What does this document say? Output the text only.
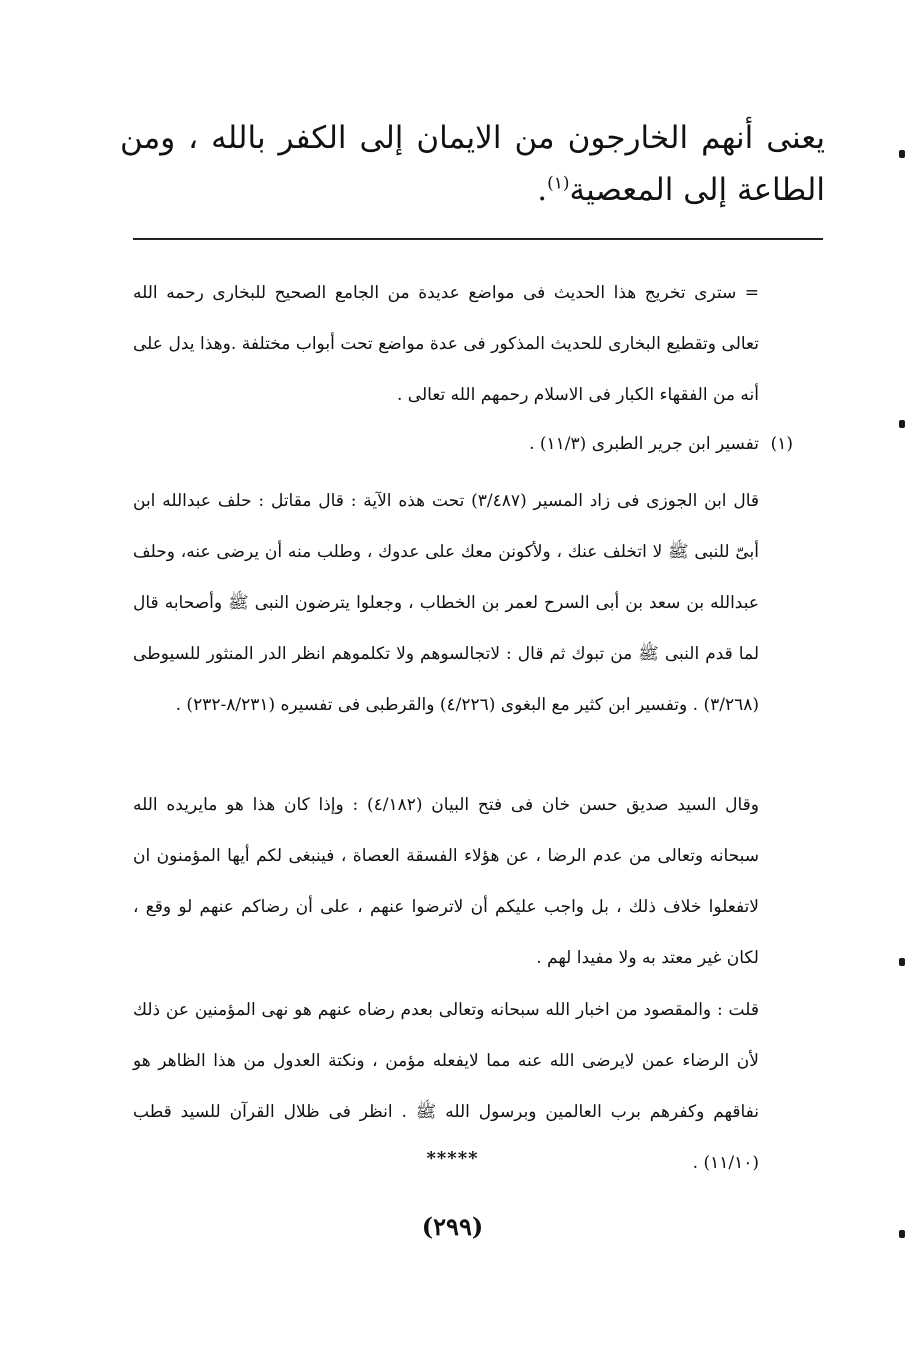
يعنى أنهم الخارجون من الايمان إلى الكفر بالله ، ومن الطاعة إلى المعصية$^{(١)}$.

= سترى تخريج هذا الحديث فى مواضع عديدة من الجامع الصحيح للبخارى رحمه الله تعالى وتقطيع البخارى للحديث المذكور فى عدة مواضع تحت أبواب مختلفة .وهذا يدل على أنه من الفقهاء الكبار فى الاسلام رحمهم الله تعالى .

(١)

تفسير ابن جرير الطبرى (١١/٣) .

قال ابن الجوزى فى زاد المسير (٣/٤٨٧) تحت هذه الآية : قال مقاتل : حلف عبدالله ابن أبىّ للنبى ﷺ لا اتخلف عنك ، ولأكونن معك على عدوك ، وطلب منه أن يرضى عنه، وحلف عبدالله بن سعد بن أبى السرح لعمر بن الخطاب ، وجعلوا يترضون النبى ﷺ وأصحابه قال لما قدم النبى ﷺ من تبوك ثم قال : لاتجالسوهم ولا تكلموهم انظر الدر المنثور للسيوطى (٣/٢٦٨) . وتفسير ابن كثير مع البغوى (٤/٢٢٦) والقرطبى فى تفسيره (٨/٢٣١-٢٣٢) .

وقال السيد صديق حسن خان فى فتح البيان (٤/١٨٢) : وإذا كان هذا هو مايريده الله سبحانه وتعالى من عدم الرضا ، عن هؤلاء الفسقة العصاة ، فينبغى لكم أيها المؤمنون ان لاتفعلوا خلاف ذلك ، بل واجب عليكم أن لاترضوا عنهم ، على أن رضاكم عنهم لو وقع ، لكان غير معتد به ولا مفيدا لهم .

قلت : والمقصود من اخبار الله سبحانه وتعالى بعدم رضاه عنهم هو نهى المؤمنين عن ذلك لأن الرضاء عمن لايرضى الله عنه مما لايفعله مؤمن ، ونكتة العدول من هذا الظاهر هو نفاقهم وكفرهم برب العالمين وبرسول الله ﷺ . انظر فى ظلال القرآن للسيد قطب (١١/١٠) .

*****
(٢٩٩)
